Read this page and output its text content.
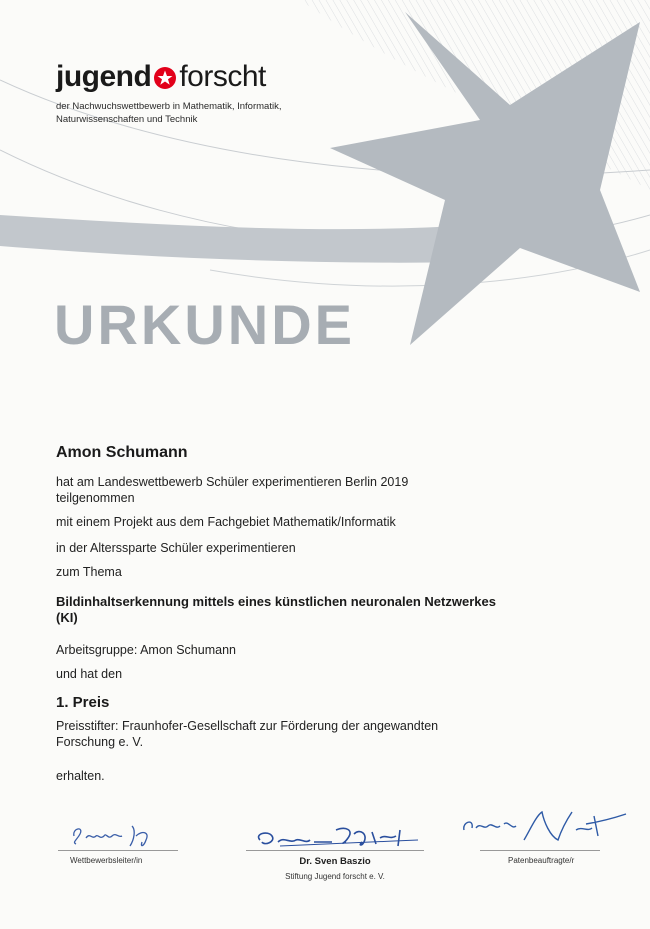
jugend forscht
der Nachwuchswettbewerb in Mathematik, Informatik,
Naturwissenschaften und Technik
URKUNDE
Amon Schumann
hat am Landeswettbewerb Schüler experimentieren Berlin 2019
teilgenommen
mit einem Projekt aus dem Fachgebiet Mathematik/Informatik
in der Alterssparte Schüler experimentieren
zum Thema
Bildinhaltserkennung mittels eines künstlichen neuronalen Netzwerkes
(KI)
Arbeitsgruppe: Amon Schumann
und hat den
1. Preis
Preisstifter: Fraunhofer-Gesellschaft zur Förderung der angewandten
Forschung e. V.
erhalten.
Wettbewerbsleiter/in	Dr. Sven Baszio
Stiftung Jugend forscht e. V.
Patenbeauftragte/r
